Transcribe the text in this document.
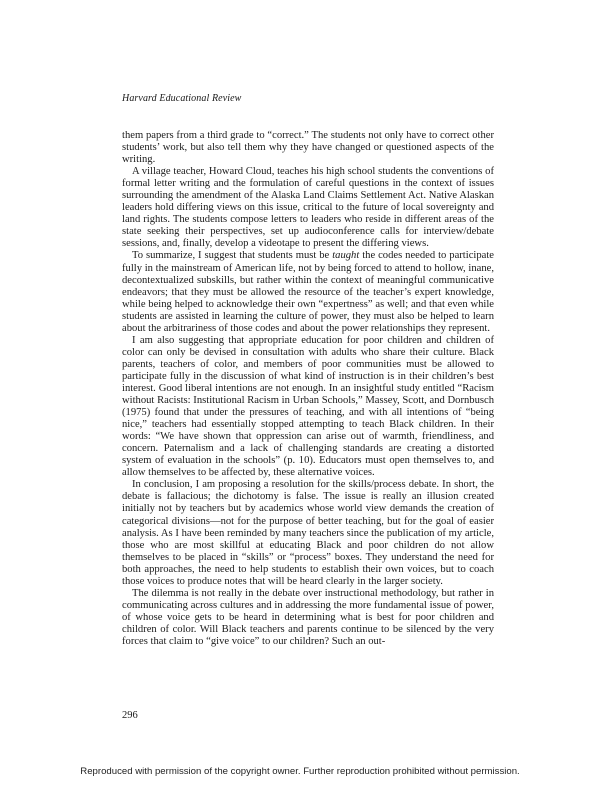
Harvard Educational Review

them papers from a third grade to “correct.” The students not only have to correct other students’ work, but also tell them why they have changed or questioned aspects of the writing.

A village teacher, Howard Cloud, teaches his high school students the conventions of formal letter writing and the formulation of careful questions in the context of issues surrounding the amendment of the Alaska Land Claims Settlement Act. Native Alaskan leaders hold differing views on this issue, critical to the future of local sovereignty and land rights. The students compose letters to leaders who reside in different areas of the state seeking their perspectives, set up audioconference calls for interview/debate sessions, and, finally, develop a videotape to present the differing views.

To summarize, I suggest that students must be taught the codes needed to participate fully in the mainstream of American life, not by being forced to attend to hollow, inane, decontextualized subskills, but rather within the context of meaningful communicative endeavors; that they must be allowed the resource of the teacher’s expert knowledge, while being helped to acknowledge their own “expertness” as well; and that even while students are assisted in learning the culture of power, they must also be helped to learn about the arbitrariness of those codes and about the power relationships they represent.

I am also suggesting that appropriate education for poor children and children of color can only be devised in consultation with adults who share their culture. Black parents, teachers of color, and members of poor communities must be allowed to participate fully in the discussion of what kind of instruction is in their children’s best interest. Good liberal intentions are not enough. In an insightful study entitled “Racism without Racists: Institutional Racism in Urban Schools,” Massey, Scott, and Dornbusch (1975) found that under the pressures of teaching, and with all intentions of “being nice,” teachers had essentially stopped attempting to teach Black children. In their words: “We have shown that oppression can arise out of warmth, friendliness, and concern. Paternalism and a lack of challenging standards are creating a distorted system of evaluation in the schools” (p. 10). Educators must open themselves to, and allow themselves to be affected by, these alternative voices.

In conclusion, I am proposing a resolution for the skills/process debate. In short, the debate is fallacious; the dichotomy is false. The issue is really an illusion created initially not by teachers but by academics whose world view demands the creation of categorical divisions—not for the purpose of better teaching, but for the goal of easier analysis. As I have been reminded by many teachers since the publication of my article, those who are most skillful at educating Black and poor children do not allow themselves to be placed in “skills” or “process” boxes. They understand the need for both approaches, the need to help students to establish their own voices, but to coach those voices to produce notes that will be heard clearly in the larger society.

The dilemma is not really in the debate over instructional methodology, but rather in communicating across cultures and in addressing the more fundamental issue of power, of whose voice gets to be heard in determining what is best for poor children and children of color. Will Black teachers and parents continue to be silenced by the very forces that claim to “give voice” to our children? Such an out-

296
Reproduced with permission of the copyright owner. Further reproduction prohibited without permission.
